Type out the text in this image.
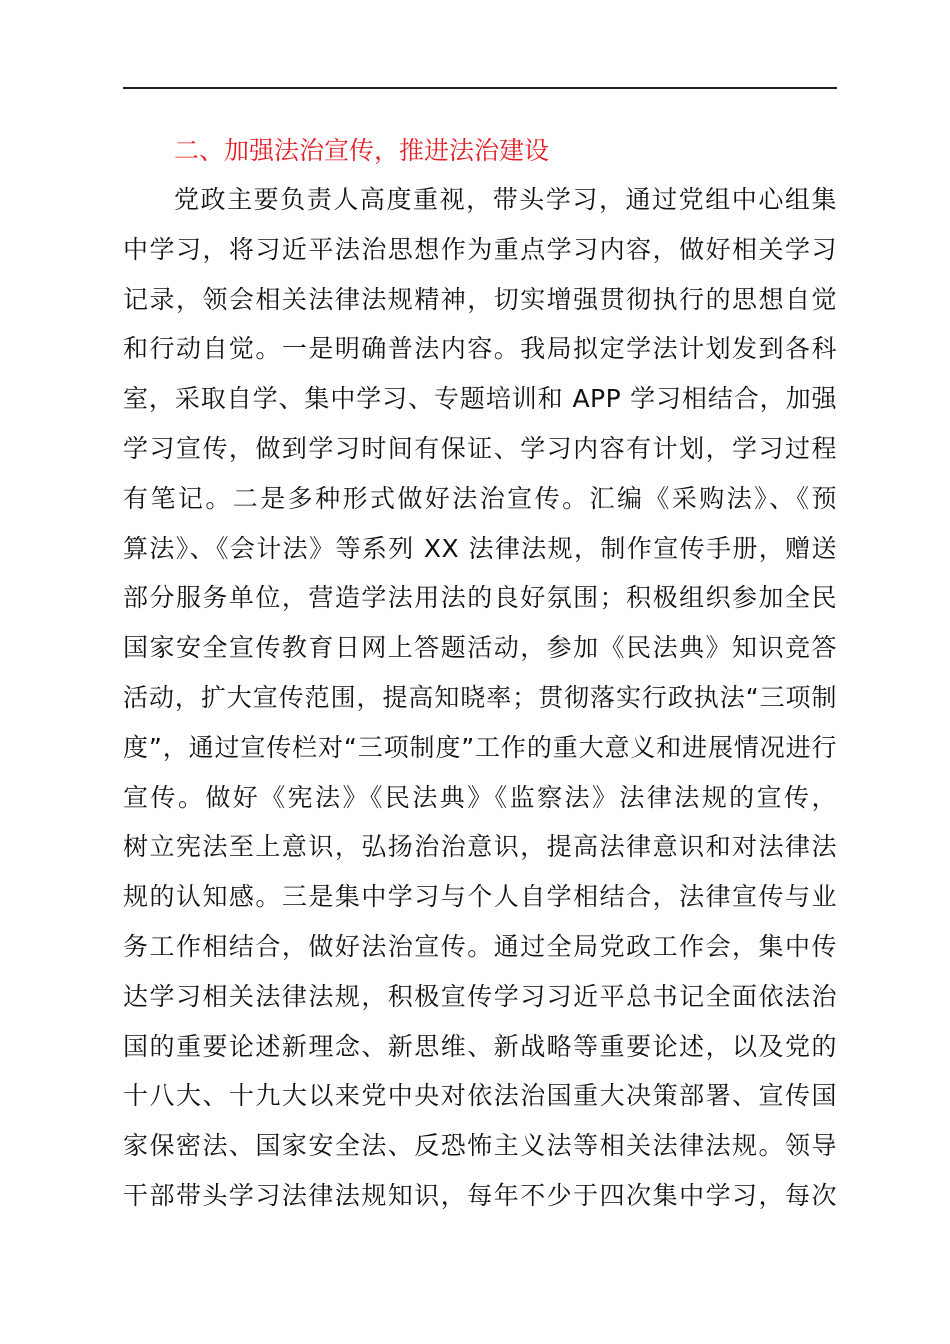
二、加强法治宣传，推进法治建设
党政主要负责人高度重视，带头学习，通过党组中心组集
中学习，将习近平法治思想作为重点学习内容，做好相关学习
记录，领会相关法律法规精神，切实增强贯彻执行的思想自觉
和行动自觉。一是明确普法内容。我局拟定学法计划发到各科
室，采取自学、集中学习、专题培训和 APP 学习相结合，加强
学习宣传，做到学习时间有保证、学习内容有计划，学习过程
有笔记。二是多种形式做好法治宣传。汇编《采购法》、《预
算法》、《会计法》等系列 XX 法律法规，制作宣传手册，赠送
部分服务单位，营造学法用法的良好氛围；积极组织参加全民
国家安全宣传教育日网上答题活动，参加《民法典》知识竞答
活动，扩大宣传范围，提高知晓率；贯彻落实行政执法“三项制
度”，通过宣传栏对“三项制度”工作的重大意义和进展情况进行
宣传。做好《宪法》《民法典》《监察法》法律法规的宣传，
树立宪法至上意识，弘扬治治意识，提高法律意识和对法律法
规的认知感。三是集中学习与个人自学相结合，法律宣传与业
务工作相结合，做好法治宣传。通过全局党政工作会，集中传
达学习相关法律法规，积极宣传学习习近平总书记全面依法治
国的重要论述新理念、新思维、新战略等重要论述，以及党的
十八大、十九大以来党中央对依法治国重大决策部署、宣传国
家保密法、国家安全法、反恐怖主义法等相关法律法规。领导
干部带头学习法律法规知识，每年不少于四次集中学习，每次
